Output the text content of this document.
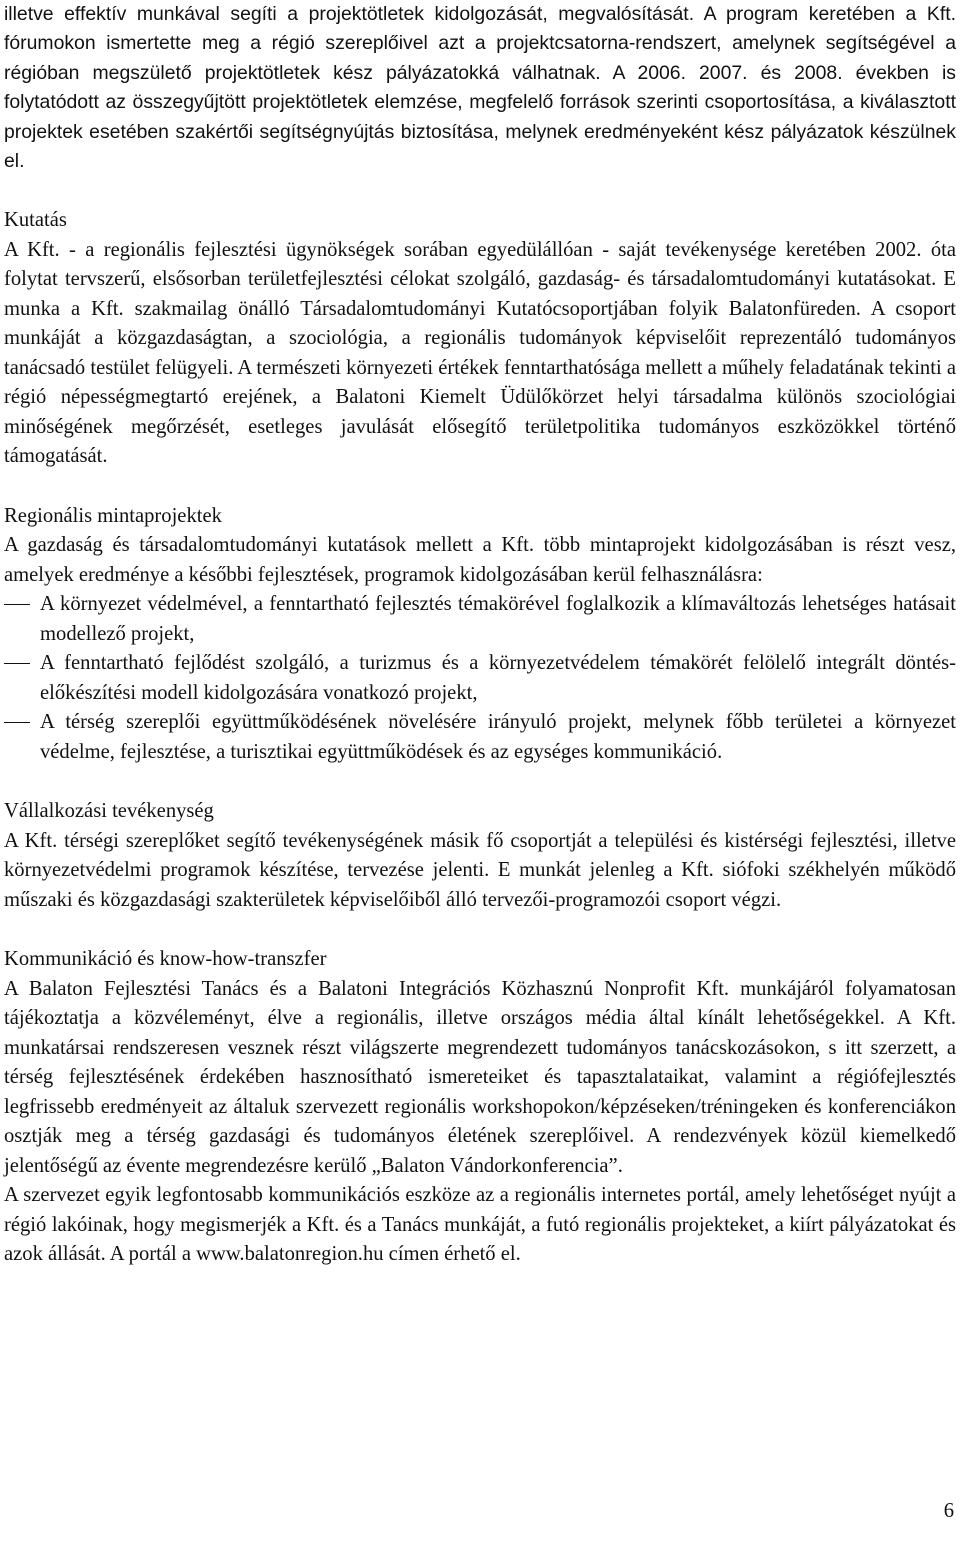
illetve effektív munkával segíti a projektötletek kidolgozását, megvalósítását. A program keretében a Kft. fórumokon ismertette meg a régió szereplőivel azt a projektcsatorna-rendszert, amelynek segítségével a régióban megszülető projektötletek kész pályázatokká válhatnak. A 2006. 2007. és 2008. években is folytatódott az összegyűjtött projektötletek elemzése, megfelelő források szerinti csoportosítása, a kiválasztott projektek esetében szakértői segítségnyújtás biztosítása, melynek eredményeként kész pályázatok készülnek el.

Kutatás

A Kft. - a regionális fejlesztési ügynökségek sorában egyedülállóan - saját tevékenysége keretében 2002. óta folytat tervszerű, elsősorban területfejlesztési célokat szolgáló, gazdaság- és társadalomtudományi kutatásokat. E munka a Kft. szakmailag önálló Társadalomtudományi Kutatócsoportjában folyik Balatonfüreden. A csoport munkáját a közgazdaságtan, a szociológia, a regionális tudományok képviselőit reprezentáló tudományos tanácsadó testület felügyeli. A természeti környezeti értékek fenntarthatósága mellett a műhely feladatának tekinti a régió népességmegtartó erejének, a Balatoni Kiemelt Üdülőkörzet helyi társadalma különös szociológiai minőségének megőrzését, esetleges javulását elősegítő területpolitika tudományos eszközökkel történő támogatását.

Regionális mintaprojektek

A gazdaság és társadalomtudományi kutatások mellett a Kft. több mintaprojekt kidolgozásában is részt vesz, amelyek eredménye a későbbi fejlesztések, programok kidolgozásában kerül felhasználásra:

A környezet védelmével, a fenntartható fejlesztés témakörével foglalkozik a klímaváltozás lehetséges hatásait modellező projekt,
A fenntartható fejlődést szolgáló, a turizmus és a környezetvédelem témakörét felölelő integrált döntés-előkészítési modell kidolgozására vonatkozó projekt,
A térség szereplői együttműködésének növelésére irányuló projekt, melynek főbb területei a környezet védelme, fejlesztése, a turisztikai együttműködések és az egységes kommunikáció.
Vállalkozási tevékenység

A Kft. térségi szereplőket segítő tevékenységének másik fő csoportját a települési és kistérségi fejlesztési, illetve környezetvédelmi programok készítése, tervezése jelenti. E munkát jelenleg a Kft. siófoki székhelyén működő műszaki és közgazdasági szakterületek képviselőiből álló tervezői-programozói csoport végzi.

Kommunikáció és know-how-transzfer

A Balaton Fejlesztési Tanács és a Balatoni Integrációs Közhasznú Nonprofit Kft. munkájáról folyamatosan tájékoztatja a közvéleményt, élve a regionális, illetve országos média által kínált lehetőségekkel. A Kft. munkatársai rendszeresen vesznek részt világszerte megrendezett tudományos tanácskozásokon, s itt szerzett, a térség fejlesztésének érdekében hasznosítható ismereteiket és tapasztalataikat, valamint a régiófejlesztés legfrissebb eredményeit az általuk szervezett regionális workshopokon/képzéseken/tréningeken és konferenciákon osztják meg a térség gazdasági és tudományos életének szereplőivel. A rendezvények közül kiemelkedő jelentőségű az évente megrendezésre kerülő „Balaton Vándorkonferencia”.

A szervezet egyik legfontosabb kommunikációs eszköze az a regionális internetes portál, amely lehetőséget nyújt a régió lakóinak, hogy megismerjék a Kft. és a Tanács munkáját, a futó regionális projekteket, a kiírt pályázatokat és azok állását. A portál a www.balatonregion.hu címen érhető el.

6
